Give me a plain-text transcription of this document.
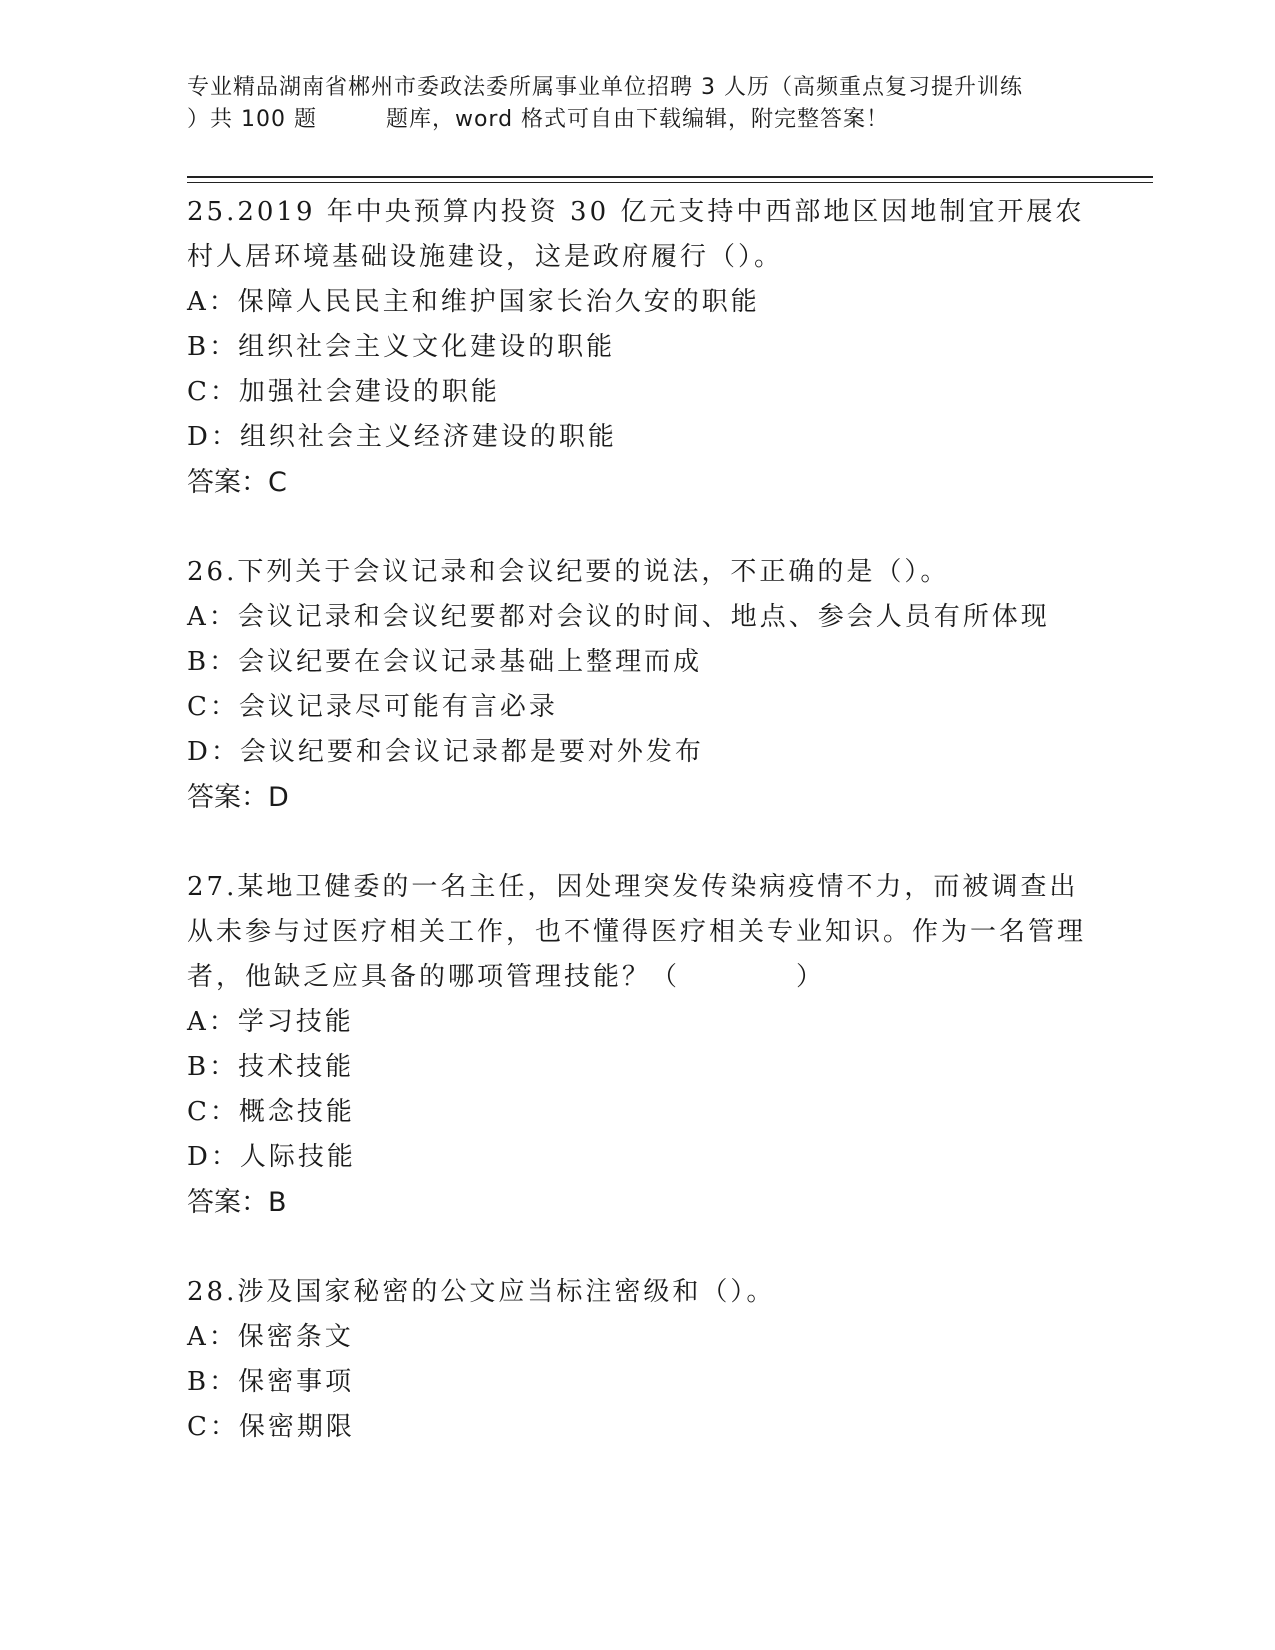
专业精品湖南省郴州市委政法委所属事业单位招聘 3 人历（高频重点复习提升训练
）共 100 题　　　题库，word 格式可自由下载编辑，附完整答案！
25.2019 年中央预算内投资 30 亿元支持中西部地区因地制宜开展农村人居环境基础设施建设，这是政府履行（）。
A：保障人民民主和维护国家长治久安的职能
B：组织社会主义文化建设的职能
C：加强社会建设的职能
D：组织社会主义经济建设的职能
答案：C
26.下列关于会议记录和会议纪要的说法，不正确的是（）。
A：会议记录和会议纪要都对会议的时间、地点、参会人员有所体现
B：会议纪要在会议记录基础上整理而成
C：会议记录尽可能有言必录
D：会议纪要和会议记录都是要对外发布
答案：D
27.某地卫健委的一名主任，因处理突发传染病疫情不力，而被调查出从未参与过医疗相关工作，也不懂得医疗相关专业知识。作为一名管理者，他缺乏应具备的哪项管理技能？（　　　　）
A：学习技能
B：技术技能
C：概念技能
D：人际技能
答案：B
28.涉及国家秘密的公文应当标注密级和（）。
A：保密条文
B：保密事项
C：保密期限
